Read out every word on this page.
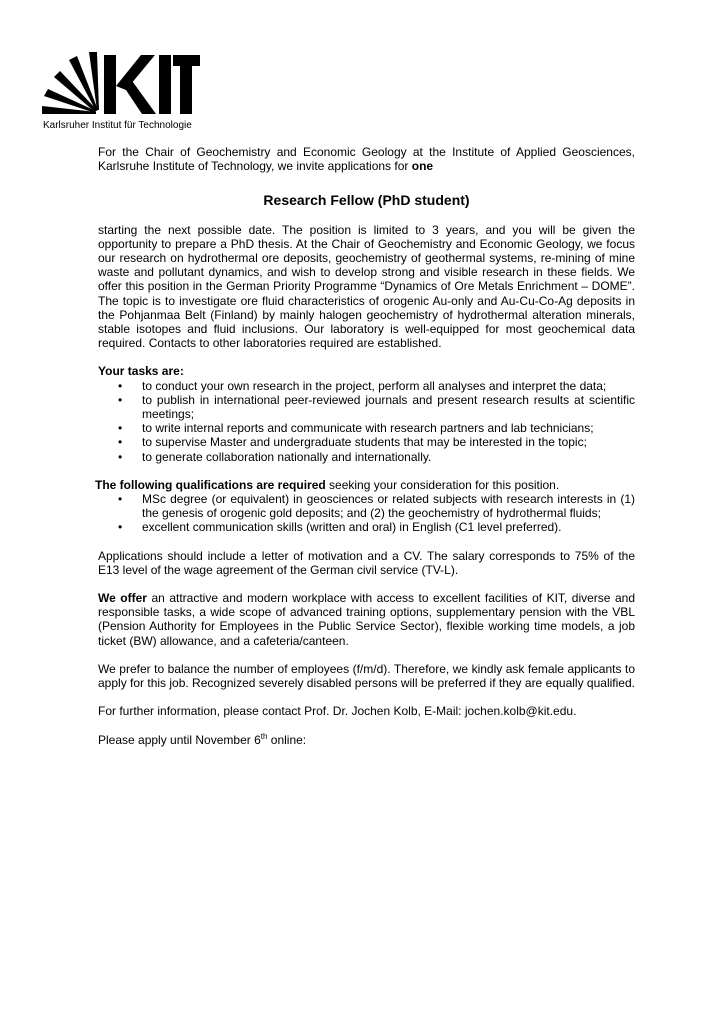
Karlsruher Institut für Technologie

For the Chair of Geochemistry and Economic Geology at the Institute of Applied Geosciences, Karlsruhe Institute of Technology, we invite applications for one

Research Fellow (PhD student)

starting the next possible date. The position is limited to 3 years, and you will be given the opportunity to prepare a PhD thesis. At the Chair of Geochemistry and Economic Geology, we focus our research on hydrothermal ore deposits, geochemistry of geothermal systems, re-mining of mine waste and pollutant dynamics, and wish to develop strong and visible research in these fields. We offer this position in the German Priority Programme “Dynamics of Ore Metals Enrichment – DOME”. The topic is to investigate ore fluid characteristics of orogenic Au-only and Au-Cu-Co-Ag deposits in the Pohjanmaa Belt (Finland) by mainly halogen geochemistry of hydrothermal alteration minerals, stable isotopes and fluid inclusions. Our laboratory is well-equipped for most geochemical data required. Contacts to other laboratories required are established.

Your tasks are:

• to conduct your own research in the project, perform all analyses and interpret the data;
• to publish in international peer-reviewed journals and present research results at scientific meetings;
• to write internal reports and communicate with research partners and lab technicians;
• to supervise Master and undergraduate students that may be interested in the topic;
• to generate collaboration nationally and internationally.

The following qualifications are required seeking your consideration for this position.

• MSc degree (or equivalent) in geosciences or related subjects with research interests in (1) the genesis of orogenic gold deposits; and (2) the geochemistry of hydrothermal fluids;
• excellent communication skills (written and oral) in English (C1 level preferred).

Applications should include a letter of motivation and a CV. The salary corresponds to 75% of the E13 level of the wage agreement of the German civil service (TV-L).

We offer an attractive and modern workplace with access to excellent facilities of KIT, diverse and responsible tasks, a wide scope of advanced training options, supplementary pension with the VBL (Pension Authority for Employees in the Public Service Sector), flexible working time models, a job ticket (BW) allowance, and a cafeteria/canteen.

We prefer to balance the number of employees (f/m/d). Therefore, we kindly ask female applicants to apply for this job. Recognized severely disabled persons will be preferred if they are equally qualified.

For further information, please contact Prof. Dr. Jochen Kolb, E-Mail: jochen.kolb@kit.edu.

Please apply until November 6th online:
